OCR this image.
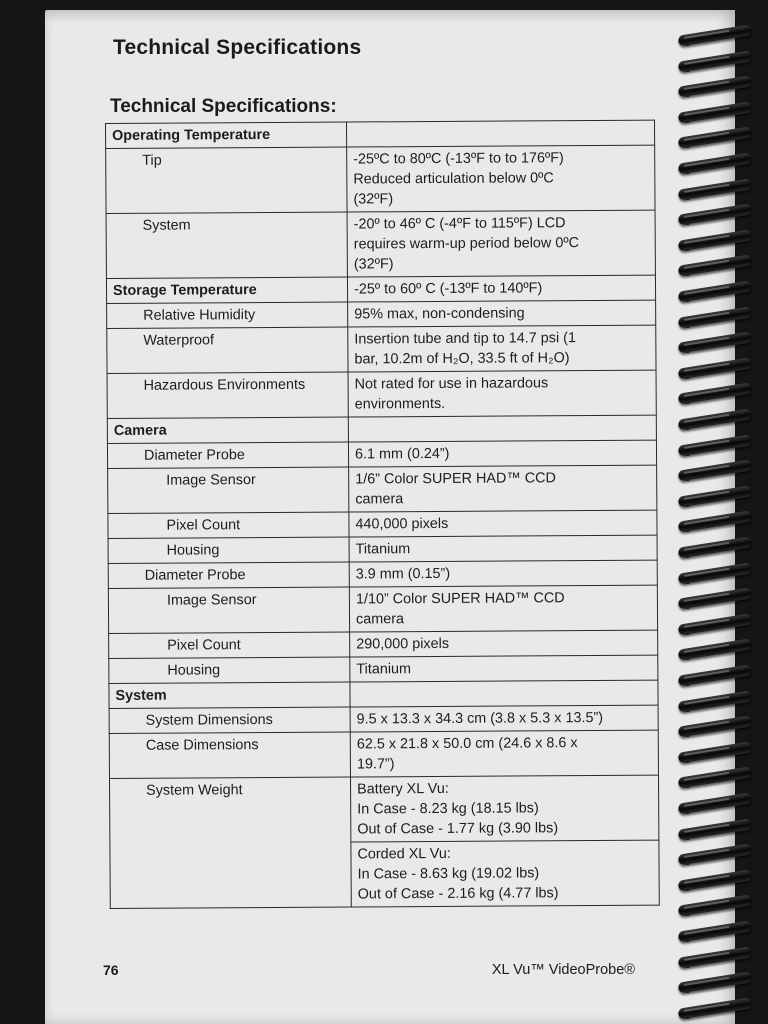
Technical Specifications
Technical Specifications:
Operating Temperature	
Tip	-25ºC to 80ºC (-13ºF to to 176ºF)
Reduced articulation below 0ºC
(32ºF)

System	-20º to 46º C (-4ºF to 115ºF) LCD
requires warm-up period below 0ºC
(32ºF)

Storage Temperature	-25º to 60º C (-13ºF to 140ºF)
Relative Humidity	95% max, non-condensing

Waterproof	Insertion tube and tip to 14.7 psi (1
bar, 10.2m of H₂O, 33.5 ft of H₂O)

Hazardous Environments	Not rated for use in hazardous
environments.

Camera	
Diameter Probe	6.1 mm (0.24”)

Image Sensor	1/6” Color SUPER HAD™ CCD
camera

Pixel Count	440,000 pixels

Housing	Titanium

Diameter Probe	3.9 mm (0.15”)

Image Sensor	1/10” Color SUPER HAD™ CCD
camera

Pixel Count	290,000 pixels

Housing	Titanium

System	
System Dimensions	9.5 x 13.3 x 34.3 cm (3.8 x 5.3 x 13.5”)

Case Dimensions	62.5 x 21.8 x 50.0 cm (24.6 x 8.6 x
19.7”)

System Weight	Battery XL Vu:
In Case - 8.23 kg (18.15 lbs)
Out of Case - 1.77 kg (3.90 lbs)

	Corded XL Vu:
In Case - 8.63 kg (19.02 lbs)
Out of Case - 2.16 kg (4.77 lbs)
76	XL Vu™ VideoProbe®
